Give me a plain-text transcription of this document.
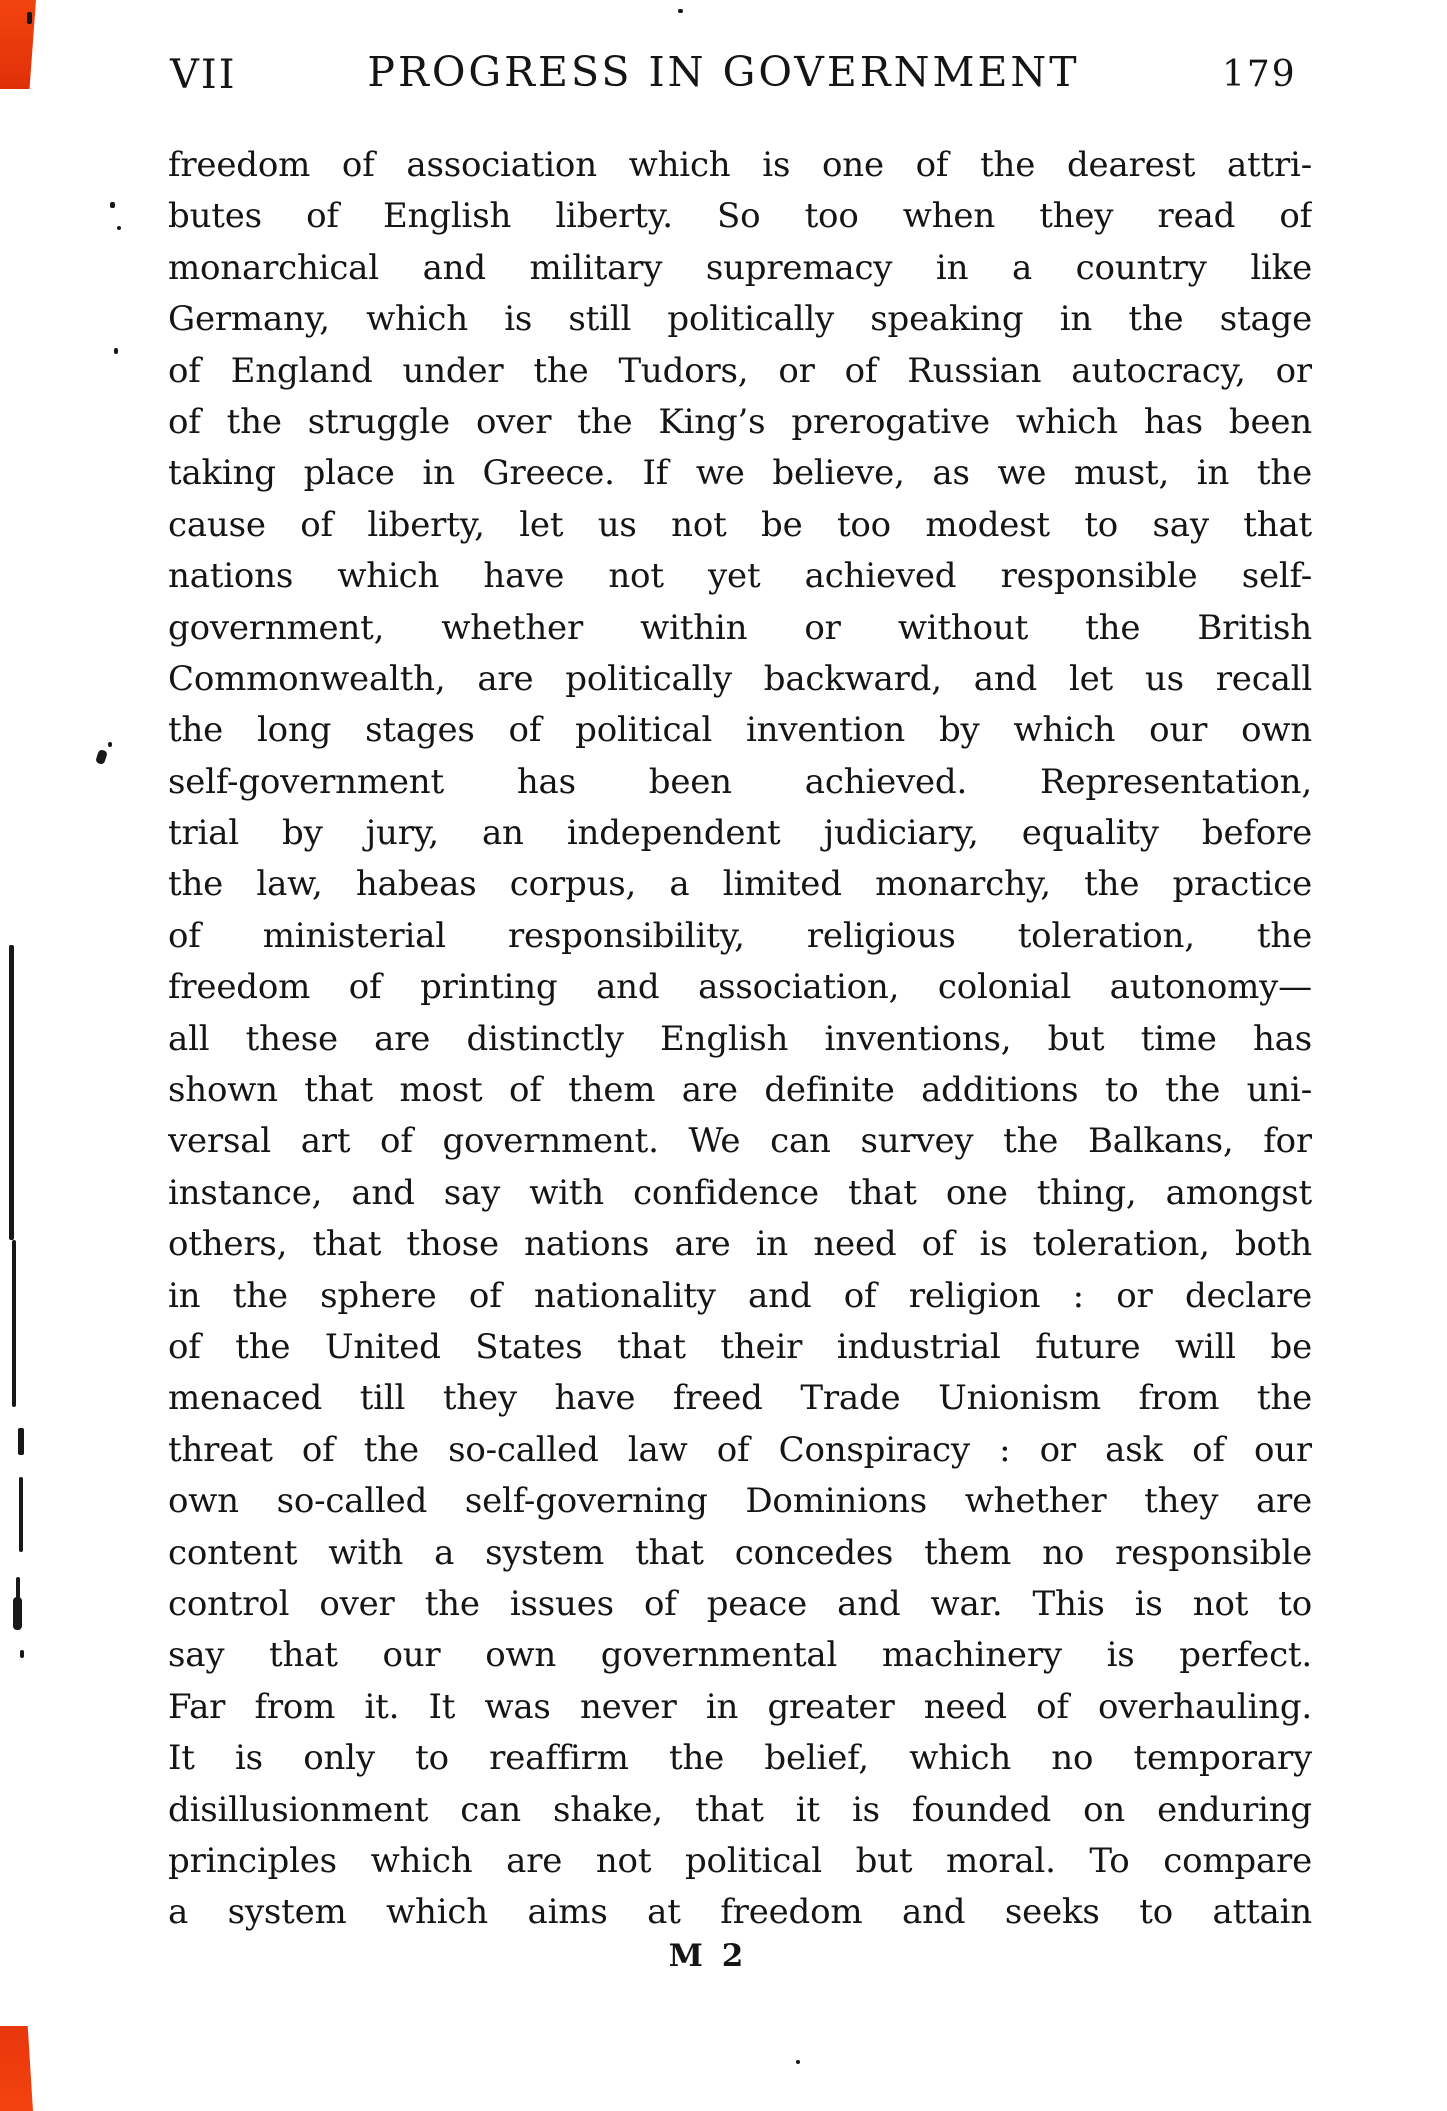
VII	PROGRESS IN GOVERNMENT	179
freedom of association which is one of the dearest attri-
butes of English liberty. So too when they read of
monarchical and military supremacy in a country like
Germany, which is still politically speaking in the stage
of England under the Tudors, or of Russian autocracy, or
of the struggle over the King’s prerogative which has been
taking place in Greece. If we believe, as we must, in the
cause of liberty, let us not be too modest to say that
nations which have not yet achieved responsible self-
government, whether within or without the British
Commonwealth, are politically backward, and let us recall
the long stages of political invention by which our own
self-government has been achieved. Representation,
trial by jury, an independent judiciary, equality before
the law, habeas corpus, a limited monarchy, the practice
of ministerial responsibility, religious toleration, the
freedom of printing and association, colonial autonomy—
all these are distinctly English inventions, but time has
shown that most of them are definite additions to the uni-
versal art of government. We can survey the Balkans, for
instance, and say with confidence that one thing, amongst
others, that those nations are in need of is toleration, both
in the sphere of nationality and of religion : or declare
of the United States that their industrial future will be
menaced till they have freed Trade Unionism from the
threat of the so-called law of Conspiracy : or ask of our
own so-called self-governing Dominions whether they are
content with a system that concedes them no responsible
control over the issues of peace and war. This is not to
say that our own governmental machinery is perfect.
Far from it. It was never in greater need of overhauling.
It is only to reaffirm the belief, which no temporary
disillusionment can shake, that it is founded on enduring
principles which are not political but moral. To compare
a system which aims at freedom and seeks to attain
M 2
